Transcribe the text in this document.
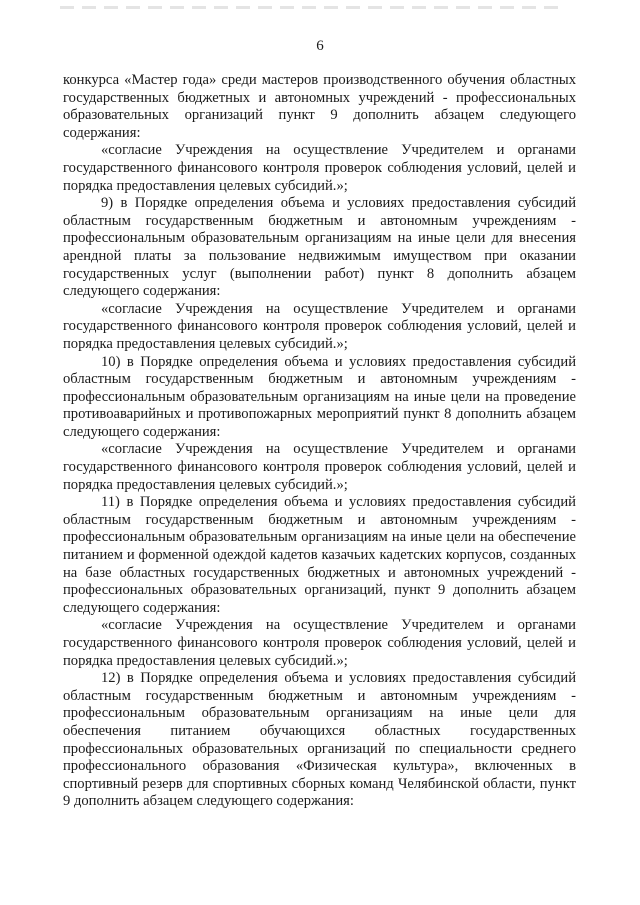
6

конкурса «Мастер года» среди мастеров производственного обучения областных государственных бюджетных и автономных учреждений - профессиональных образовательных организаций пункт 9 дополнить абзацем следующего содержания:

«согласие Учреждения на осуществление Учредителем и органами государственного финансового контроля проверок соблюдения условий, целей и порядка предоставления целевых субсидий.»;

9) в Порядке определения объема и условиях предоставления субсидий областным государственным бюджетным и автономным учреждениям - профессиональным образовательным организациям на иные цели для внесения арендной платы за пользование недвижимым имуществом при оказании государственных услуг (выполнении работ) пункт 8 дополнить абзацем следующего содержания:

«согласие Учреждения на осуществление Учредителем и органами государственного финансового контроля проверок соблюдения условий, целей и порядка предоставления целевых субсидий.»;

10) в Порядке определения объема и условиях предоставления субсидий областным государственным бюджетным и автономным учреждениям - профессиональным образовательным организациям на иные цели на проведение противоаварийных и противопожарных мероприятий пункт 8 дополнить абзацем следующего содержания:

«согласие Учреждения на осуществление Учредителем и органами государственного финансового контроля проверок соблюдения условий, целей и порядка предоставления целевых субсидий.»;

11) в Порядке определения объема и условиях предоставления субсидий областным государственным бюджетным и автономным учреждениям - профессиональным образовательным организациям на иные цели на обеспечение питанием и форменной одеждой кадетов казачьих кадетских корпусов, созданных на базе областных государственных бюджетных и автономных учреждений - профессиональных образовательных организаций, пункт 9 дополнить абзацем следующего содержания:

«согласие Учреждения на осуществление Учредителем и органами государственного финансового контроля проверок соблюдения условий, целей и порядка предоставления целевых субсидий.»;

12) в Порядке определения объема и условиях предоставления субсидий областным государственным бюджетным и автономным учреждениям - профессиональным образовательным организациям на иные цели для обеспечения питанием обучающихся областных государственных профессиональных образовательных организаций по специальности среднего профессионального образования «Физическая культура», включенных в спортивный резерв для спортивных сборных команд Челябинской области, пункт 9 дополнить абзацем следующего содержания:
